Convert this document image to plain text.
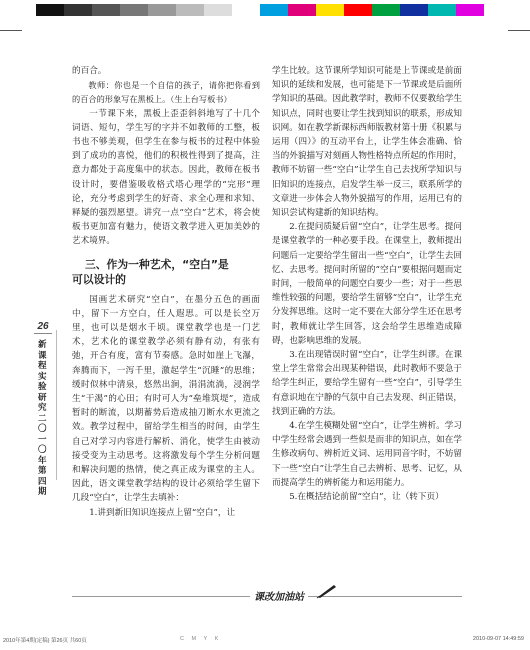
26
新课程实验研究
二〇一〇年 第四期

的百合。

教师：你也是一个自信的孩子，请你把你看到的百合的形象写在黑板上。（生上台写板书）

一节课下来，黑板上歪歪斜斜地写了十几个词语、短句，学生写的字并不如教师的工整，板书也不够美观，但学生在参与板书的过程中体验到了成功的喜悦，他们的积极性得到了提高，注意力都处于高度集中的状态。因此，教师在板书设计时，要借鉴吸收格式塔心理学的“完形”理论，充分考虑到学生的好奇、求全心理和求知、释疑的强烈愿望。讲究一点“空白”艺术，将会使板书更加富有魅力，使语文教学进入更加美妙的艺术境界。

三、作为一种艺术，“空白”是
可以设计的

国画艺术研究“空白”，在墨分五色的画面中，留下一方空白，任人遐思。可以是长空万里，也可以是烟水千顷。课堂教学也是一门艺术，艺术化的课堂教学必须有静有动，有张有弛，开合有度，富有节奏感。急时如崖上飞瀑，奔腾而下，一泻千里，激起学生“沉睡”的思维；缓时似林中清泉，悠然出涧，涓涓流淌，浸润学生“干渴”的心田；有时可人为“垒堆筑堤”，造成暂时的断流，以期蓄势后造成抽刀断水水更流之效。教学过程中，留给学生相当的时间，由学生自己对学习内容进行解析、消化，使学生由被动接受变为主动思考。这将激发每个学生分析问题和解决问题的热情，使之真正成为课堂的主人。因此，语文课堂教学结构的设计必须给学生留下几段“空白”，让学生去填补：

1.讲到新旧知识连接点上留“空白”，让

学生比较。这节课所学知识可能是上节课或是前面知识的延续和发展，也可能是下一节课或是后面所学知识的基础。因此教学时，教师不仅要教给学生知识点，同时也要让学生找到知识的联系，形成知识网。如在教学新课标西师版教材第十册《积累与运用（四）》的互动平台上，让学生体会准确、恰当的外貌描写对刻画人物性格特点所起的作用时，教师不妨留一些“空白”让学生自己去找所学知识与旧知识的连接点，启发学生举一反三，联系所学的文章进一步体会人物外貌描写的作用，运用已有的知识尝试构建新的知识结构。

2.在提问质疑后留“空白”，让学生思考。提问是课堂教学的一种必要手段。在课堂上，教师提出问题后一定要给学生留出一些“空白”，让学生去回忆、去思考。提问时所留的“空白”要根据问题而定时间，一般简单的问题空白要少一些；对于一些思维性较强的问题，要给学生留够“空白”，让学生充分发挥思维。这时一定不要在大部分学生还在思考时，教师就让学生回答，这会给学生思维造成障碍，也影响思维的发展。

3.在出现错误时留“空白”，让学生纠谬。在课堂上学生常常会出现某种错误，此时教师不要急于给学生纠正，要给学生留有一些“空白”，引导学生有意识地在宁静的气氛中自己去发现、纠正错误，找到正确的方法。

4.在学生模糊处留“空白”，让学生辨析。学习中学生经常会遇到一些似是而非的知识点，如在学生修改病句、辨析近义词、运用同音字时，不妨留下一些“空白”让学生自己去辨析、思考、记忆，从而提高学生的辨析能力和运用能力。

5.在概括结论前留“空白”，让（转下页）

课改加油站
2010年第4期(定稿) 第26页 共60页	C M Y K	2010-09-07 14:49:59
